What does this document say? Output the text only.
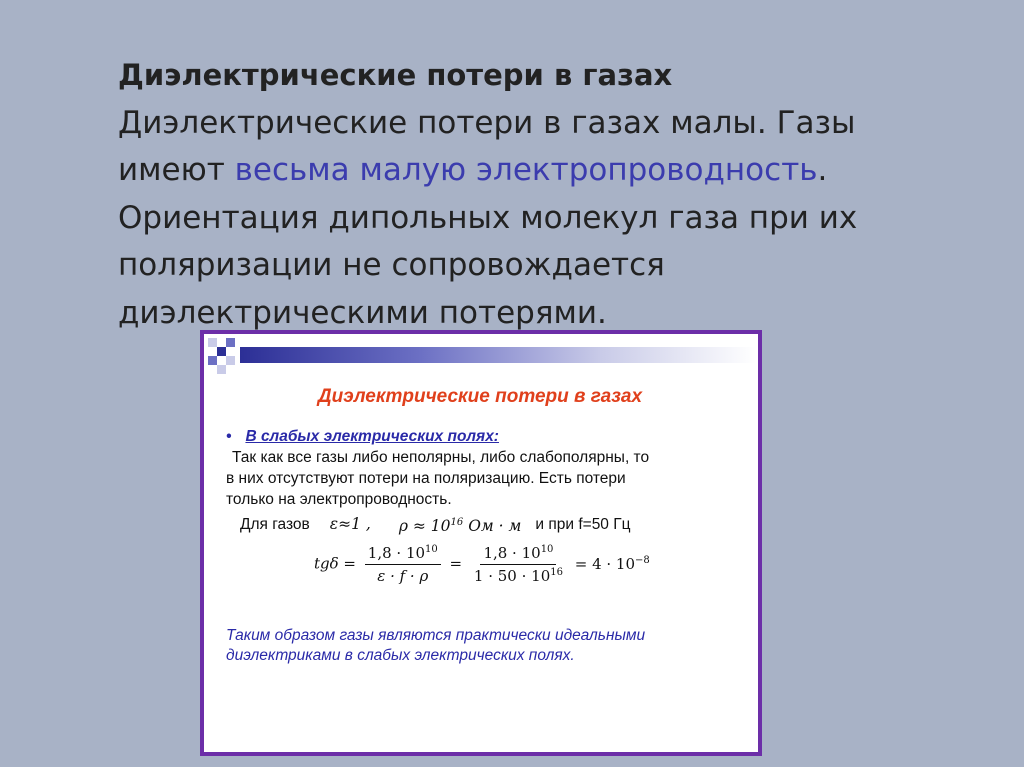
Диэлектрические потери в газах
Диэлектрические потери в газах малы. Газы
имеют весьма малую электропроводность.
Ориентация дипольных молекул газа при их
поляризации не сопровождается
диэлектрическими потерями.
Диэлектрические потери в газах
• В слабых электрических полях:
Так как все газы либо неполярны, либо слабополярны, то
в них отсутствуют потери на поляризацию. Есть потери
только на электропроводность.
Для газов ε≈1 , $\rho \approx 10^{16}$ Ом · м и при f=50 Гц
$tg\delta = \frac{1,8 \cdot 10^{10}}{\varepsilon \cdot f \cdot \rho} = \frac{1,8 \cdot 10^{10}}{1 \cdot 50 \cdot 10^{16}} = 4 \cdot 10^{-8}$
Таким образом газы являются практически идеальными
диэлектриками в слабых электрических полях.
